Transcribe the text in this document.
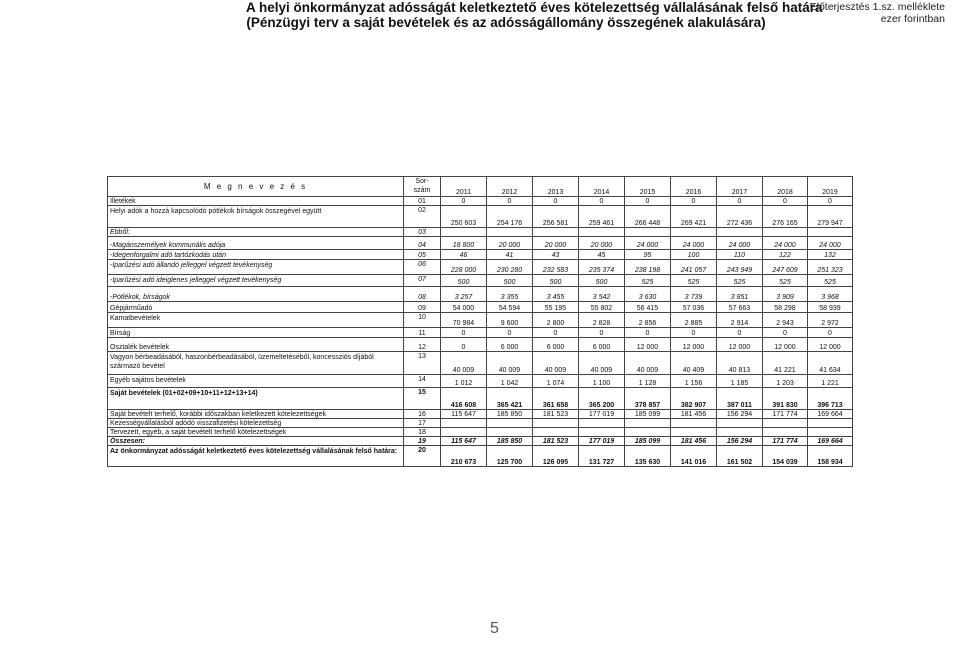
A helyi önkormányzat adósságát keletkeztető éves kötelezettség vállalásának felső határa
(Pénzügyi terv a saját bevételek és az adósságállomány összegének alakulására)
Előterjesztés 1.sz. melléklete
ezer forintban
M e g n e v e z é s	Sor-
szám	2011	2012	2013	2014	2015	2016	2017	2018	2019
Illetékek	01	0	0	0	0	0	0	0	0	0
Helyi adók a hozzá kapcsolódó pótlékok bírságok összegével együtt	02	250 603	254 176	256 581	259 461	266 448	269 421	272 436	276 165	279 947
Ebből:	03									
-Magánszemélyek kommunális adója	04	18 800	20 000	20 000	20 000	24 000	24 000	24 000	24 000	24 000
-Idegenforgalmi adó tartózkodás után	05	46	41	43	45	95	100	110	122	132
-Iparűzési adó állandó jelleggel végzett tevékenység	06	228 000	230 280	232 583	235 374	238 198	241 057	243 949	247 609	251 323
-Iparűzési adó ideiglenes jelleggel végzett tevékenység	07	500	500	500	500	525	525	525	525	525
-Pótlékok, bírságok	08	3 257	3 355	3 455	3 542	3 630	3 739	3 851	3 909	3 968
Gépjárműadó	09	54 000	54 594	55 195	55 802	56 415	57 036	57 663	58 298	58 939
Kamatbevételek	10	70 984	9 600	2 800	2 828	2 856	2 885	2 914	2 943	2 972
Bírság	11	0	0	0	0	0	0	0	0	0
Osztalék bevételek	12	0	6 000	6 000	6 000	12 000	12 000	12 000	12 000	12 000
Vagyon bérbeadásából, haszonbérbeadásából, üzemeltetéséből, koncessziós díjából származó bevétel	13	40 009	40 009	40 009	40 009	40 009	40 409	40 813	41 221	41 634
Egyéb sajátos bevételek	14	1 012	1 042	1 074	1 100	1 128	1 156	1 185	1 203	1 221
Saját bevételek (01+02+09+10+11+12+13+14)	15	416 608	365 421	361 658	365 200	378 857	382 907	387 011	391 830	396 713
Saját bevételt terhelő, korábbi időszakban keletkezett kötelezettségek	16	115 647	185 850	181 523	177 019	185 099	181 456	156 294	171 774	169 664
Kezességvállalásból adódó visszafizetési kötelezettség	17									
Tervezett, egyéb, a saját bevételt terhelő kötelezettségek	18									
Összesen:	19	115 647	185 850	181 523	177 019	185 099	181 456	156 294	171 774	169 664
Az önkormányzat adósságát keletkeztető éves kötelezettség vállalásának felső határa:	20	210 673	125 700	126 095	131 727	135 630	141 016	161 502	154 039	158 934
5
